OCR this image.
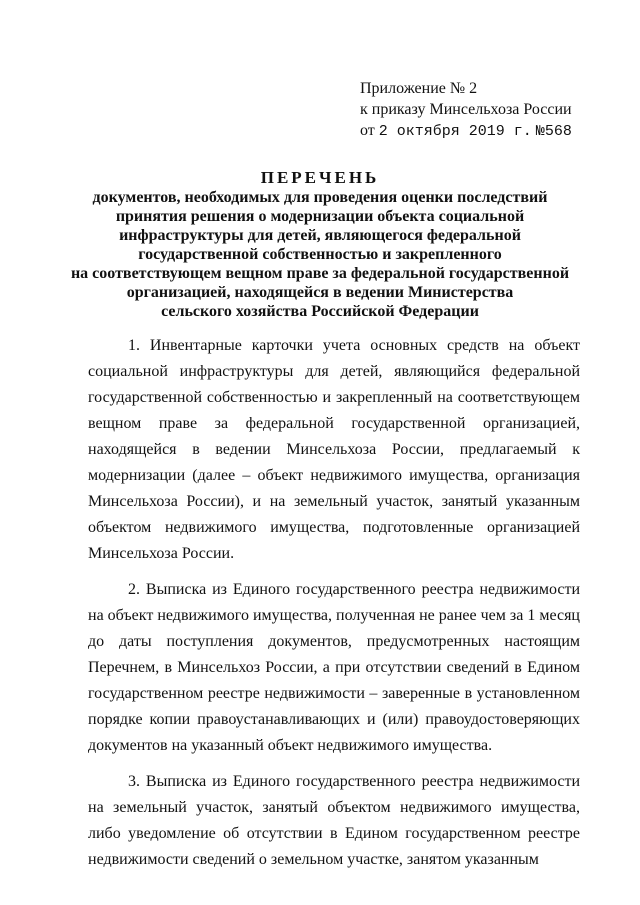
Приложение № 2
к приказу Минсельхоза России
от 2 октября 2019 г. №568
ПЕРЕЧЕНЬ
документов, необходимых для проведения оценки последствий
принятия решения о модернизации объекта социальной
инфраструктуры для детей, являющегося федеральной
государственной собственностью и закрепленного
на соответствующем вещном праве за федеральной государственной
организацией, находящейся в ведении Министерства
сельского хозяйства Российской Федерации

1. Инвентарные карточки учета основных средств на объект социальной инфраструктуры для детей, являющийся федеральной государственной собственностью и закрепленный на соответствующем вещном праве за федеральной государственной организацией, находящейся в ведении Минсельхоза России, предлагаемый к модернизации (далее – объект недвижимого имущества, организация Минсельхоза России), и на земельный участок, занятый указанным объектом недвижимого имущества, подготовленные организацией Минсельхоза России.

2. Выписка из Единого государственного реестра недвижимости на объект недвижимого имущества, полученная не ранее чем за 1 месяц до даты поступления документов, предусмотренных настоящим Перечнем, в Минсельхоз России, а при отсутствии сведений в Едином государственном реестре недвижимости – заверенные в установленном порядке копии правоустанавливающих и (или) правоудостоверяющих документов на указанный объект недвижимого имущества.

3. Выписка из Единого государственного реестра недвижимости на земельный участок, занятый объектом недвижимого имущества, либо уведомление об отсутствии в Едином государственном реестре недвижимости сведений о земельном участке, занятом указанным
